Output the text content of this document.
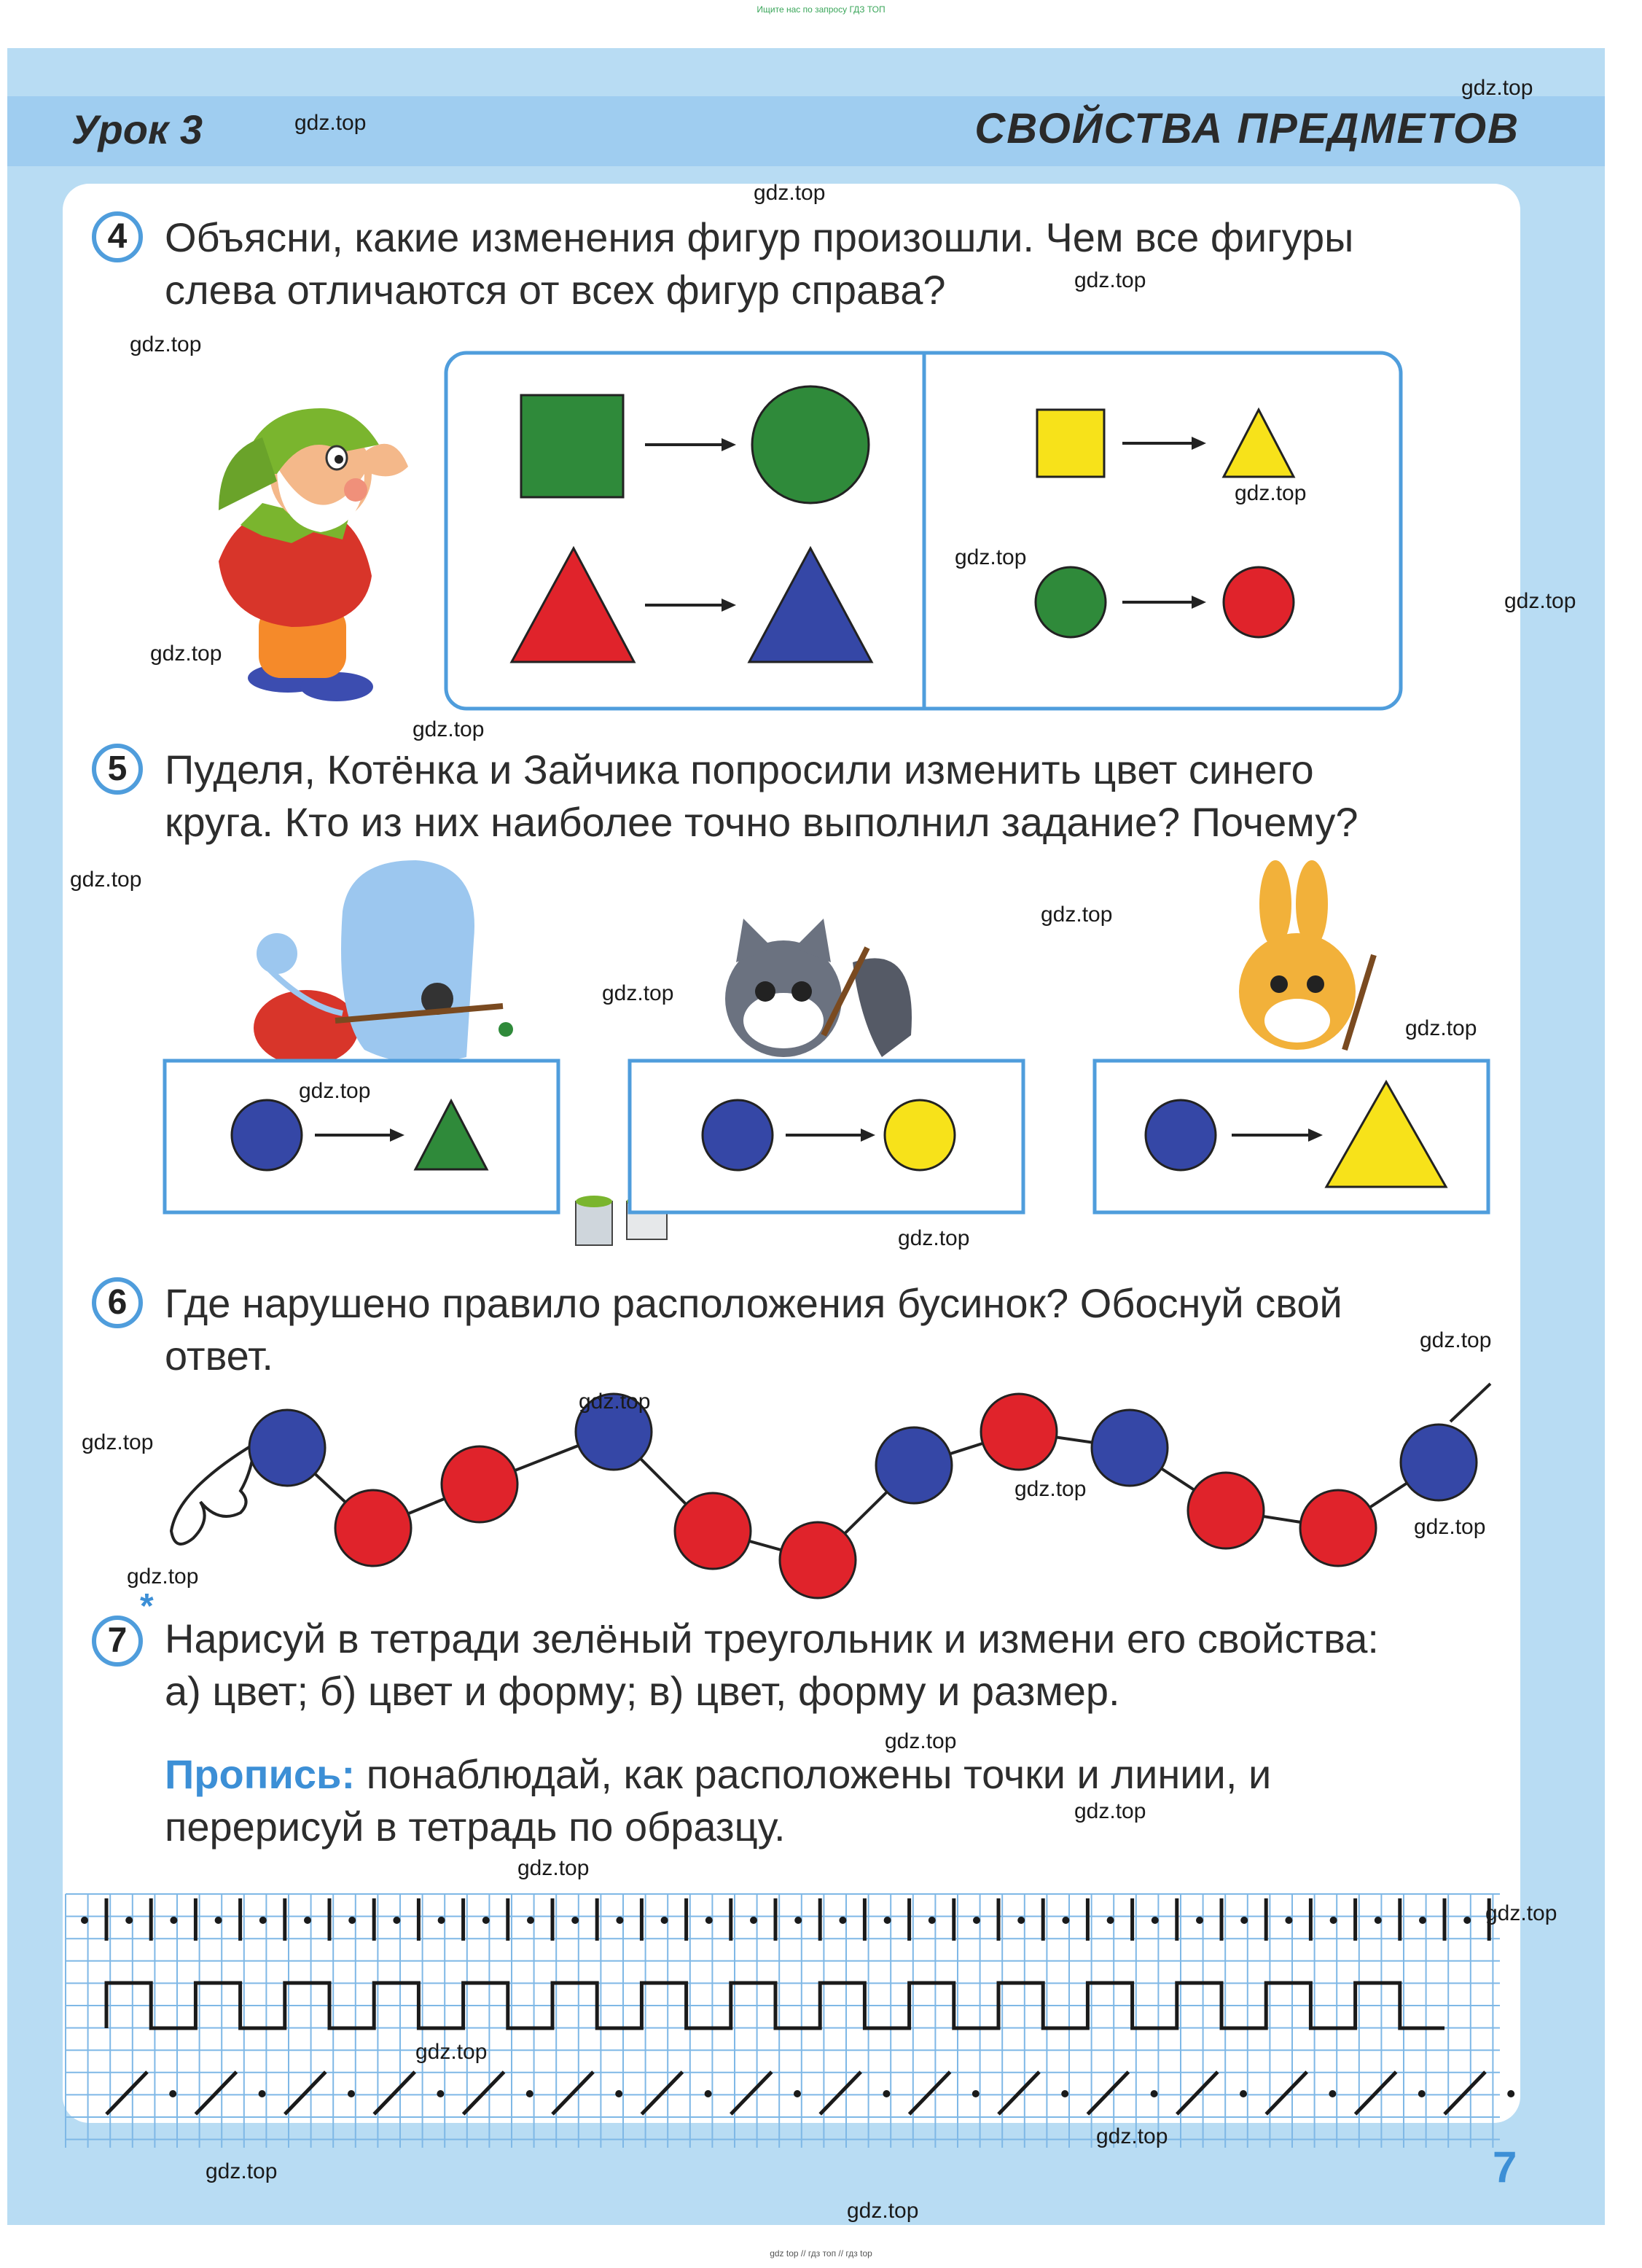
Ищите нас по запросу ГДЗ ТОП
Урок 3	СВОЙСТВА ПРЕДМЕТОВ
4 Объясни, какие изменения фигур произошли. Чем все фигуры
слева отличаются от всех фигур справа?
5 Пуделя, Котёнка и Зайчика попросили изменить цвет синего
круга. Кто из них наиболее точно выполнил задание? Почему?
6 Где нарушено правило расположения бусинок? Обоснуй свой
ответ.
7
*
Нарисуй в тетради зелёный треугольник и измени его свойства:
а) цвет; б) цвет и форму; в) цвет, форму и размер.
Пропись: понаблюдай, как расположены точки и линии, и
перерисуй в тетрадь по образцу.
gdz.top
gdz.top
gdz.top
gdz.top
gdz.top
gdz.top
gdz.top
gdz.top
gdz.top
gdz.top
gdz.top
gdz.top
gdz.top
gdz.top
gdz.top
gdz.top
gdz.top
gdz.top
gdz.top
gdz.top
gdz.top
gdz.top
gdz.top
gdz.top
gdz.top
gdz.top
gdz.top
gdz.top
gdz.top
gdz.top
7
gdz top // гдз топ // гдз top
